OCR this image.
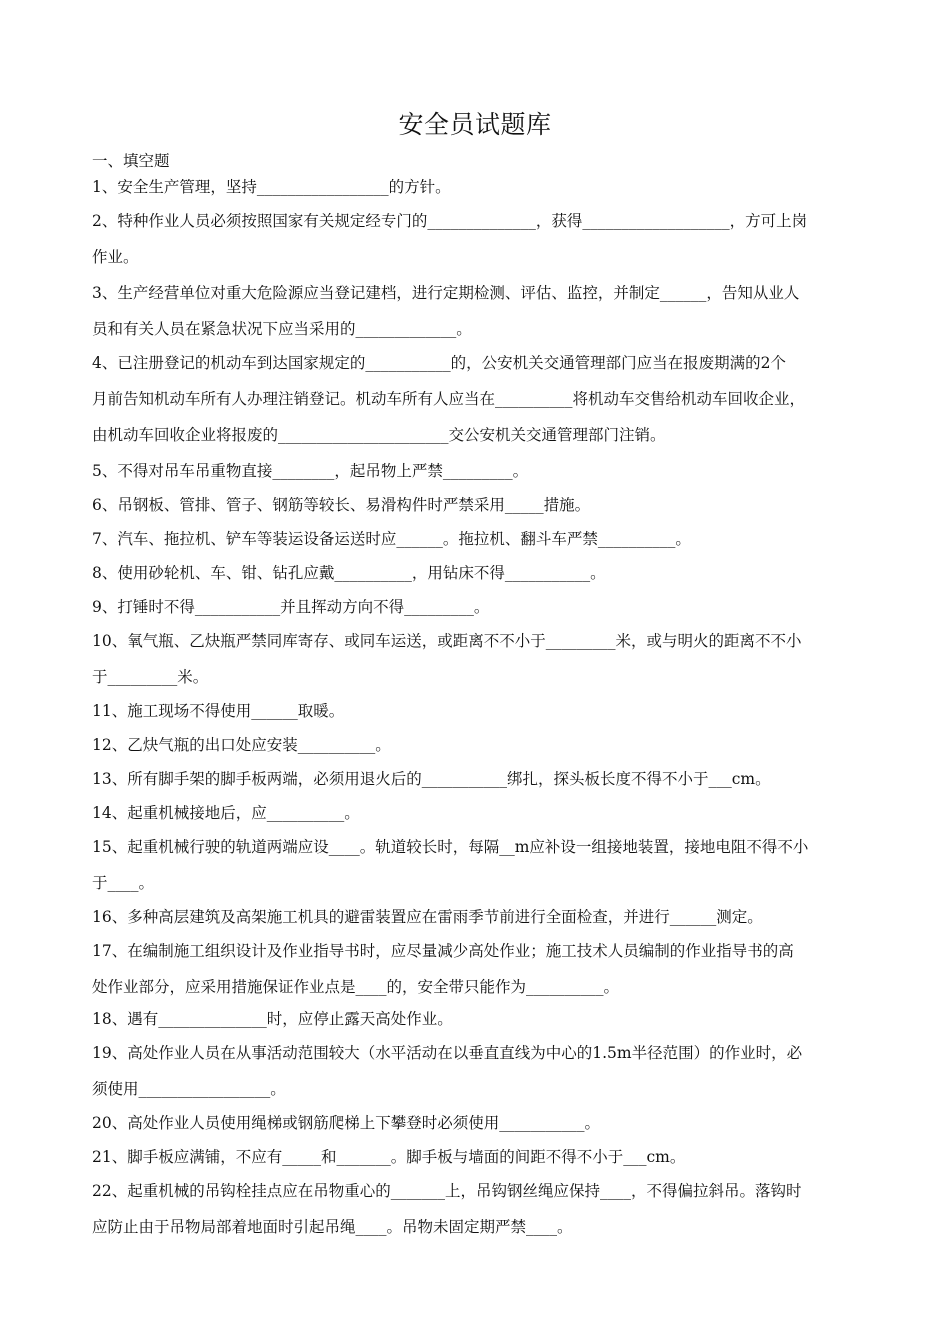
安全员试题库
一、填空题
1、安全生产管理，坚持_________________的方针。
2、特种作业人员必须按照国家有关规定经专门的______________，获得___________________，方可上岗
作业。
3、生产经营单位对重大危险源应当登记建档，进行定期检测、评估、监控，并制定______，告知从业人
员和有关人员在紧急状况下应当采用的_____________。
4、已注册登记的机动车到达国家规定的___________的，公安机关交通管理部门应当在报废期满的2个
月前告知机动车所有人办理注销登记。机动车所有人应当在__________将机动车交售给机动车回收企业，
由机动车回收企业将报废的______________________交公安机关交通管理部门注销。
5、不得对吊车吊重物直接________，起吊物上严禁_________。
6、吊钢板、管排、管子、钢筋等较长、易滑构件时严禁采用_____措施。
7、汽车、拖拉机、铲车等装运设备运送时应______。拖拉机、翻斗车严禁__________。
8、使用砂轮机、车、钳、钻孔应戴__________，用钻床不得___________。
9、打锤时不得___________并且挥动方向不得_________。
10、氧气瓶、乙炔瓶严禁同库寄存、或同车运送，或距离不不小于_________米，或与明火的距离不不小
于_________米。
11、施工现场不得使用______取暖。
12、乙炔气瓶的出口处应安装__________。
13、所有脚手架的脚手板两端，必须用退火后的___________绑扎，探头板长度不得不小于___cm。
14、起重机械接地后，应__________。
15、起重机械行驶的轨道两端应设____。轨道较长时，每隔__m应补设一组接地装置，接地电阻不得不小
于____。
16、多种高层建筑及高架施工机具的避雷装置应在雷雨季节前进行全面检查，并进行______测定。
17、在编制施工组织设计及作业指导书时，应尽量减少高处作业；施工技术人员编制的作业指导书的高
处作业部分，应采用措施保证作业点是____的，安全带只能作为__________。
18、遇有______________时，应停止露天高处作业。
19、高处作业人员在从事活动范围较大（水平活动在以垂直直线为中心的1.5m半径范围）的作业时，必
须使用_________________。
20、高处作业人员使用绳梯或钢筋爬梯上下攀登时必须使用___________。
21、脚手板应满铺，不应有_____和_______。脚手板与墙面的间距不得不小于___cm。
22、起重机械的吊钩栓挂点应在吊物重心的_______上，吊钩钢丝绳应保持____，不得偏拉斜吊。落钩时
应防止由于吊物局部着地面时引起吊绳____。吊物未固定期严禁____。
